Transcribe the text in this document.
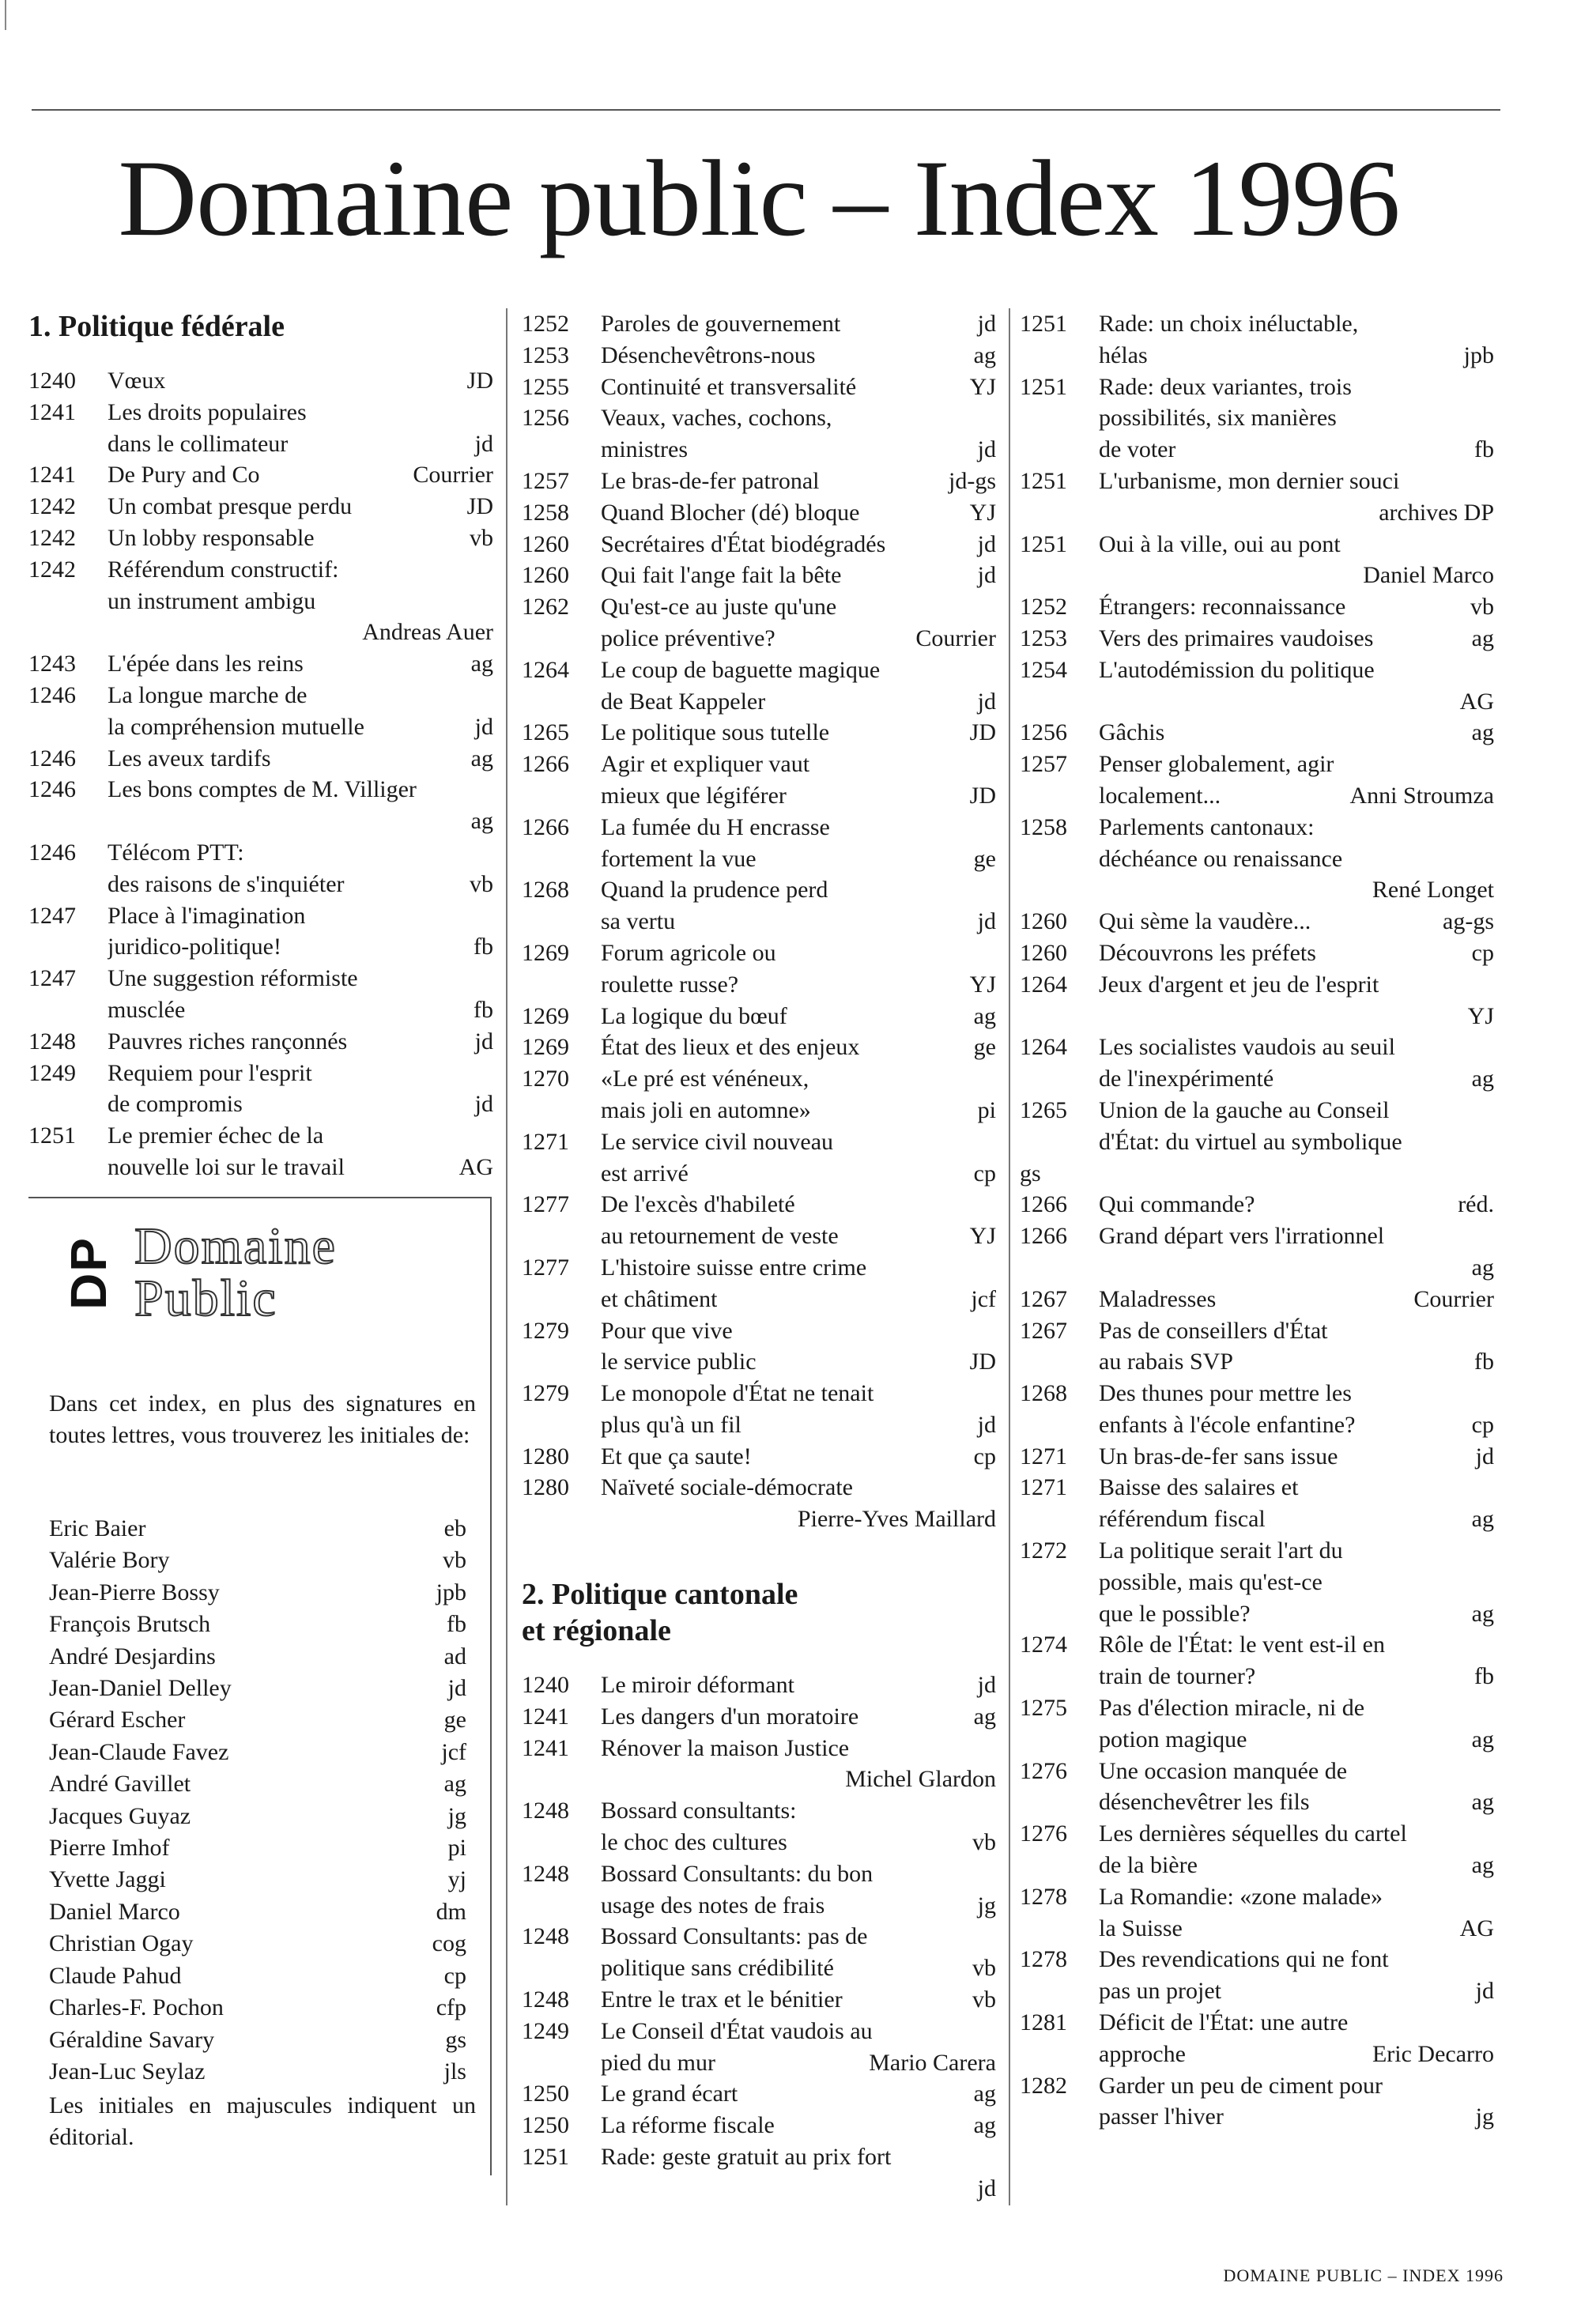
Domaine public – Index 1996
1. Politique fédérale
1240	Vœux	JD
1241	Les droits populaires
dans le collimateur	jd
1241	De Pury and Co	Courrier
1242	Un combat presque perdu	JD
1242	Un lobby responsable	vb
1242	Référendum constructif:
un instrument ambigu
Andreas Auer
1243	L'épée dans les reins	ag
1246	La longue marche de
la compréhension mutuelle	jd
1246	Les aveux tardifs	ag
1246	Les bons comptes de M. Villiger
ag
1246	Télécom PTT:
des raisons de s'inquiéter	vb
1247	Place à l'imagination
juridico-politique!	fb
1247	Une suggestion réformiste
musclée	fb
1248	Pauvres riches rançonnés	jd
1249	Requiem pour l'esprit
de compromis	jd
1251	Le premier échec de la
nouvelle loi sur le travail	AG
1252	Paroles de gouvernement	jd
1253	Désenchevêtrons-nous	ag
1255	Continuité et transversalité	YJ
1256	Veaux, vaches, cochons,
ministres	jd
1257	Le bras-de-fer patronal	jd-gs
1258	Quand Blocher (dé) bloque	YJ
1260	Secrétaires d'État biodégradés	jd
1260	Qui fait l'ange fait la bête	jd
1262	Qu'est-ce au juste qu'une
police préventive?	Courrier
1264	Le coup de baguette magique
de Beat Kappeler	jd
1265	Le politique sous tutelle	JD
1266	Agir et expliquer vaut
mieux que légiférer	JD
1266	La fumée du H encrasse
fortement la vue	ge
1268	Quand la prudence perd
sa vertu	jd
1269	Forum agricole ou
roulette russe?	YJ
1269	La logique du bœuf	ag
1269	État des lieux et des enjeux	ge
1270	«Le pré est vénéneux,
mais joli en automne»	pi
1271	Le service civil nouveau
est arrivé	cp
1277	De l'excès d'habileté
au retournement de veste	YJ
1277	L'histoire suisse entre crime
et châtiment	jcf
1279	Pour que vive
le service public	JD
1279	Le monopole d'État ne tenait
plus qu'à un fil	jd
1280	Et que ça saute!	cp
1280	Naïveté sociale-démocrate
Pierre-Yves Maillard
2. Politique cantonale
et régionale
1240	Le miroir déformant	jd
1241	Les dangers d'un moratoire	ag
1241	Rénover la maison Justice
Michel Glardon
1248	Bossard consultants:
le choc des cultures	vb
1248	Bossard Consultants: du bon
usage des notes de frais	jg
1248	Bossard Consultants: pas de
politique sans crédibilité	vb
1248	Entre le trax et le bénitier	vb
1249	Le Conseil d'État vaudois au
pied du mur	Mario Carera
1250	Le grand écart	ag
1250	La réforme fiscale	ag
1251	Rade: geste gratuit au prix fort
jd
1251	Rade: un choix inéluctable,
hélas	jpb
1251	Rade: deux variantes, trois
possibilités, six manières
de voter	fb
1251	L'urbanisme, mon dernier souci
archives DP
1251	Oui à la ville, oui au pont
Daniel Marco
1252	Étrangers: reconnaissance	vb
1253	Vers des primaires vaudoises	ag
1254	L'autodémission du politique
AG
1256	Gâchis	ag
1257	Penser globalement, agir
localement...	Anni Stroumza
1258	Parlements cantonaux:
déchéance ou renaissance
René Longet
1260	Qui sème la vaudère...	ag-gs
1260	Découvrons les préfets	cp
1264	Jeux d'argent et jeu de l'esprit
YJ
1264	Les socialistes vaudois au seuil
de l'inexpérimenté	ag
1265	Union de la gauche au Conseil
d'État: du virtuel au symbolique
gs
1266	Qui commande?	réd.
1266	Grand départ vers l'irrationnel
ag
1267	Maladresses	Courrier
1267	Pas de conseillers d'État
au rabais SVP	fb
1268	Des thunes pour mettre les
enfants à l'école enfantine?	cp
1271	Un bras-de-fer sans issue	jd
1271	Baisse des salaires et
référendum fiscal	ag
1272	La politique serait l'art du
possible, mais qu'est-ce
que le possible?	ag
1274	Rôle de l'État: le vent est-il en
train de tourner?	fb
1275	Pas d'élection miracle, ni de
potion magique	ag
1276	Une occasion manquée de
désenchevêtrer les fils	ag
1276	Les dernières séquelles du cartel
de la bière	ag
1278	La Romandie: «zone malade»
la Suisse	AG
1278	Des revendications qui ne font
pas un projet	jd
1281	Déficit de l'État: une autre
approche	Eric Decarro
1282	Garder un peu de ciment pour
passer l'hiver	jg
DP Domaine
Public
Dans cet index, en plus des signatures en toutes lettres, vous trouverez les initiales de:
Eric Baier	eb
Valérie Bory	vb
Jean-Pierre Bossy	jpb
François Brutsch	fb
André Desjardins	ad
Jean-Daniel Delley	jd
Gérard Escher	ge
Jean-Claude Favez	jcf
André Gavillet	ag
Jacques Guyaz	jg
Pierre Imhof	pi
Yvette Jaggi	yj
Daniel Marco	dm
Christian Ogay	cog
Claude Pahud	cp
Charles-F. Pochon	cfp
Géraldine Savary	gs
Jean-Luc Seylaz	jls
Les initiales en majuscules indiquent un éditorial.
DOMAINE PUBLIC – INDEX 1996
